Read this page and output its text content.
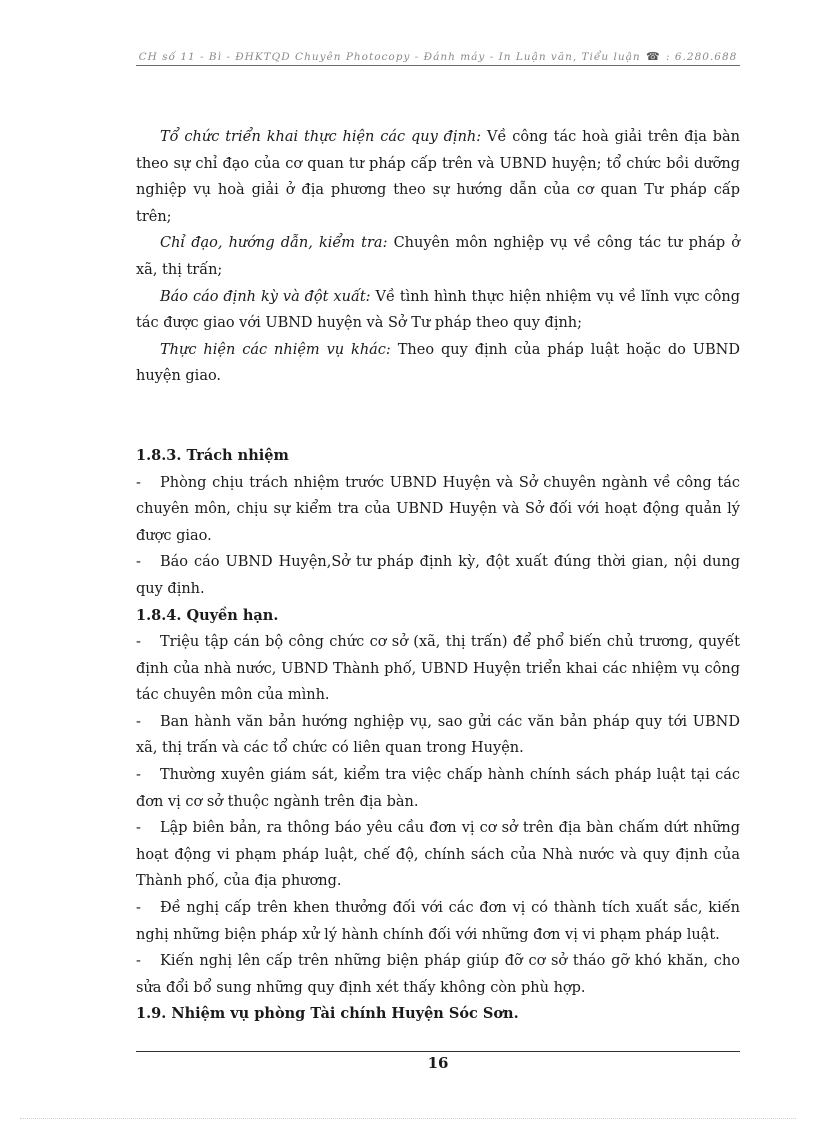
CH số 11 - Bì - ĐHKTQD Chuyên Photocopy - Đánh máy - In Luận văn, Tiểu luận ☎ : 6.280.688

Tổ chức triển khai thực hiện các quy định: Về công tác hoà giải trên địa bàn theo sự chỉ đạo của cơ quan tư pháp cấp trên và UBND huyện; tổ chức bồi dưỡng nghiệp vụ hoà giải ở địa phương theo sự hướng dẫn của cơ quan Tư pháp cấp trên;

Chỉ đạo, hướng dẫn, kiểm tra: Chuyên môn nghiệp vụ về công tác tư pháp ở xã, thị trấn;

Báo cáo định kỳ và đột xuất: Về tình hình thực hiện nhiệm vụ về lĩnh vực công tác được giao với UBND huyện và Sở Tư pháp theo quy định;

Thực hiện các nhiệm vụ khác: Theo quy định của pháp luật hoặc do UBND huyện giao.

1.8.3. Trách nhiệm

- Phòng chịu trách nhiệm trước UBND Huyện và Sở chuyên ngành về công tác chuyên môn, chịu sự kiểm tra của UBND Huyện và Sở đối với hoạt động quản lý được giao.

- Báo cáo UBND Huyện,Sở tư pháp định kỳ, đột xuất đúng thời gian, nội dung quy định.

1.8.4. Quyền hạn.

- Triệu tập cán bộ công chức cơ sở (xã, thị trấn) để phổ biến chủ trương, quyết định của nhà nước, UBND Thành phố, UBND Huyện triển khai các nhiệm vụ công tác chuyên môn của mình.

- Ban hành văn bản hướng nghiệp vụ, sao gửi các văn bản pháp quy tới UBND xã, thị trấn và các tổ chức có liên quan trong Huyện.

- Thường xuyên giám sát, kiểm tra việc chấp hành chính sách pháp luật tại các đơn vị cơ sở thuộc ngành trên địa bàn.

- Lập biên bản, ra thông báo yêu cầu đơn vị cơ sở trên địa bàn chấm dứt những hoạt động vi phạm pháp luật, chế độ, chính sách của Nhà nước và quy định của Thành phố, của địa phương.

- Đề nghị cấp trên khen thưởng đối với các đơn vị có thành tích xuất sắc, kiến nghị những biện pháp xử lý hành chính đối với những đơn vị vi phạm pháp luật.

- Kiến nghị lên cấp trên những biện pháp giúp đỡ cơ sở tháo gỡ khó khăn, cho sửa đổi bổ sung những quy định xét thấy không còn phù hợp.

1.9. Nhiệm vụ phòng Tài chính Huyện Sóc Sơn.

16
